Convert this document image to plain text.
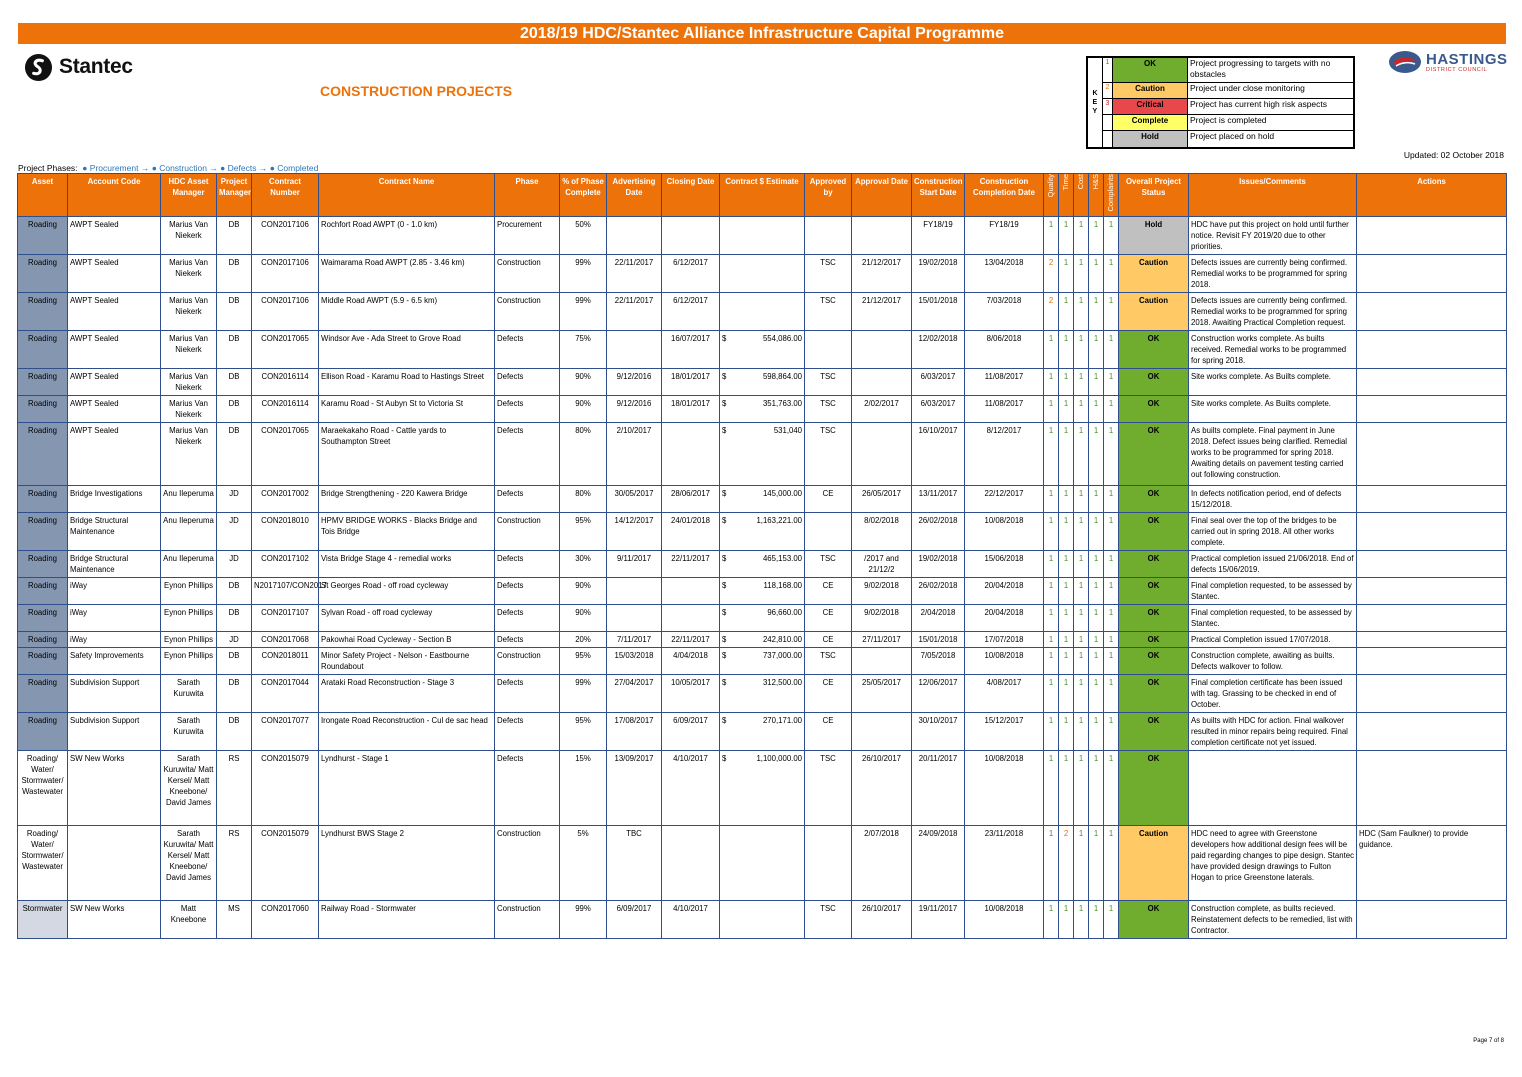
2018/19 HDC/Stantec Alliance Infrastructure Capital Programme
Stantec
CONSTRUCTION PROJECTS	K
E
Y
1	OK	Project progressing to targets with no obstacles
2	Caution	Project under close monitoring
3	Critical	Project has current high risk aspects
Complete	Project is completed
Hold	Project placed on hold
HASTINGS
DISTRICT COUNCIL
Updated: 02 October 2018
Project Phases:  ● Procurement → ● Construction → ● Defects → ● Completed
Asset	Account Code	HDC Asset Manager	Project Manager	Contract Number	Contract Name	Phase	% of Phase Complete	Advertising Date	Closing Date	Contract $ Estimate	Approved by	Approval Date	Construction Start Date	Construction Completion Date	Quality	Time	Cost	H&S	Complaints	Overall Project Status	Issues/Comments	Actions
Roading	AWPT Sealed	Marius Van Niekerk	DB	CON2017106	Rochfort Road AWPT (0 - 1.0 km)	Procurement	50%						FY18/19	FY18/19	1	1	1	1	1	Hold	HDC have put this project on hold until further notice. Revisit FY 2019/20 due to other priorities.	
Roading	AWPT Sealed	Marius Van Niekerk	DB	CON2017106	Waimarama Road AWPT (2.85 - 3.46 km)	Construction	99%	22/11/2017	6/12/2017		TSC	21/12/2017	19/02/2018	13/04/2018	2	1	1	1	1	Caution	Defects issues are currently being confirmed. Remedial works to be programmed for spring 2018.	
Roading	AWPT Sealed	Marius Van Niekerk	DB	CON2017106	Middle Road AWPT (5.9 - 6.5 km)	Construction	99%	22/11/2017	6/12/2017		TSC	21/12/2017	15/01/2018	7/03/2018	2	1	1	1	1	Caution	Defects issues are currently being confirmed. Remedial works to be programmed for spring 2018. Awaiting Practical Completion request.	
Roading	AWPT Sealed	Marius Van Niekerk	DB	CON2017065	Windsor Ave - Ada Street to Grove Road	Defects	75%		16/07/2017	$ 554,086.00			12/02/2018	8/06/2018	1	1	1	1	1	OK	Construction works complete. As builts received. Remedial works to be programmed for spring 2018.	
Roading	AWPT Sealed	Marius Van Niekerk	DB	CON2016114	Ellison Road - Karamu Road to Hastings Street	Defects	90%	9/12/2016	18/01/2017	$ 598,864.00	TSC		6/03/2017	11/08/2017	1	1	1	1	1	OK	Site works complete. As Builts complete.	
Roading	AWPT Sealed	Marius Van Niekerk	DB	CON2016114	Karamu Road - St Aubyn St to Victoria St	Defects	90%	9/12/2016	18/01/2017	$ 351,763.00	TSC	2/02/2017	6/03/2017	11/08/2017	1	1	1	1	1	OK	Site works complete. As Builts complete.	
Roading	AWPT Sealed	Marius Van Niekerk	DB	CON2017065	Maraekakaho Road - Cattle yards to Southampton Street	Defects	80%	2/10/2017		$ 531,040	TSC		16/10/2017	8/12/2017	1	1	1	1	1	OK	As builts complete. Final payment in June 2018. Defect issues being clarified. Remedial works to be programmed for spring 2018. Awaiting details on pavement testing carried out following construction.	
Roading	Bridge Investigations	Anu Ileperuma	JD	CON2017002	Bridge Strengthening - 220 Kawera Bridge	Defects	80%	30/05/2017	28/06/2017	$ 145,000.00	CE	26/05/2017	13/11/2017	22/12/2017	1	1	1	1	1	OK	In defects notification period, end of defects 15/12/2018.	
Roading	Bridge Structural Maintenance	Anu Ileperuma	JD	CON2018010	HPMV BRIDGE WORKS - Blacks Bridge and Tois Bridge	Construction	95%	14/12/2017	24/01/2018	$ 1,163,221.00		8/02/2018	26/02/2018	10/08/2018	1	1	1	1	1	OK	Final seal over the top of the bridges to be carried out in spring 2018. All other works complete.	
Roading	Bridge Structural Maintenance	Anu Ileperuma	JD	CON2017102	Vista Bridge Stage 4 - remedial works	Defects	30%	9/11/2017	22/11/2017	$ 465,153.00	TSC	/2017 and 21/12/2	19/02/2018	15/06/2018	1	1	1	1	1	OK	Practical completion issued 21/06/2018. End of defects 15/06/2019.	
Roading	iWay	Eynon Phillips	DB	N2017107/CON2017	St Georges Road - off road cycleway	Defects	90%			$ 118,168.00	CE	9/02/2018	26/02/2018	20/04/2018	1	1	1	1	1	OK	Final completion requested, to be assessed by Stantec.	
Roading	iWay	Eynon Phillips	DB	CON2017107	Sylvan Road - off road cycleway	Defects	90%			$ 96,660.00	CE	9/02/2018	2/04/2018	20/04/2018	1	1	1	1	1	OK	Final completion requested, to be assessed by Stantec.	
Roading	iWay	Eynon Phillips	JD	CON2017068	Pakowhai Road Cycleway - Section B	Defects	20%	7/11/2017	22/11/2017	$ 242,810.00	CE	27/11/2017	15/01/2018	17/07/2018	1	1	1	1	1	OK	Practical Completion issued 17/07/2018.	
Roading	Safety Improvements	Eynon Phillips	DB	CON2018011	Minor Safety Project - Nelson - Eastbourne Roundabout	Construction	95%	15/03/2018	4/04/2018	$ 737,000.00	TSC		7/05/2018	10/08/2018	1	1	1	1	1	OK	Construction complete, awaiting as builts. Defects walkover to follow.	
Roading	Subdivision Support	Sarath Kuruwita	DB	CON2017044	Arataki Road Reconstruction - Stage 3	Defects	99%	27/04/2017	10/05/2017	$ 312,500.00	CE	25/05/2017	12/06/2017	4/08/2017	1	1	1	1	1	OK	Final completion certificate has been issued with tag. Grassing to be checked in end of October.	
Roading	Subdivision Support	Sarath Kuruwita	DB	CON2017077	Irongate Road Reconstruction - Cul de sac head	Defects	95%	17/08/2017	6/09/2017	$ 270,171.00	CE		30/10/2017	15/12/2017	1	1	1	1	1	OK	As builts with HDC for action. Final walkover resulted in minor repairs being required. Final completion certificate not yet issued.	
Roading/ Water/ Stormwater/ Wastewater	SW New Works	Sarath Kuruwita/ Matt Kersel/ Matt Kneebone/ David James	RS	CON2015079	Lyndhurst - Stage 1	Defects	15%	13/09/2017	4/10/2017	$ 1,100,000.00	TSC	26/10/2017	20/11/2017	10/08/2018	1	1	1	1	1	OK		
Roading/ Water/ Stormwater/ Wastewater		Sarath Kuruwita/ Matt Kersel/ Matt Kneebone/ David James	RS	CON2015079	Lyndhurst BWS Stage 2	Construction	5%	TBC				2/07/2018	24/09/2018	23/11/2018	1	2	1	1	1	Caution	HDC need to agree with Greenstone developers how additional design fees will be paid regarding changes to pipe design. Stantec have provided design drawings to Fulton Hogan to price Greenstone laterals.	HDC (Sam Faulkner) to provide guidance.
Stormwater	SW New Works	Matt Kneebone	MS	CON2017060	Railway Road - Stormwater	Construction	99%	6/09/2017	4/10/2017		TSC	26/10/2017	19/11/2017	10/08/2018	1	1	1	1	1	OK	Construction complete, as builts recieved. Reinstatement defects to be remedied, list with Contractor.	
Page 7 of 8
